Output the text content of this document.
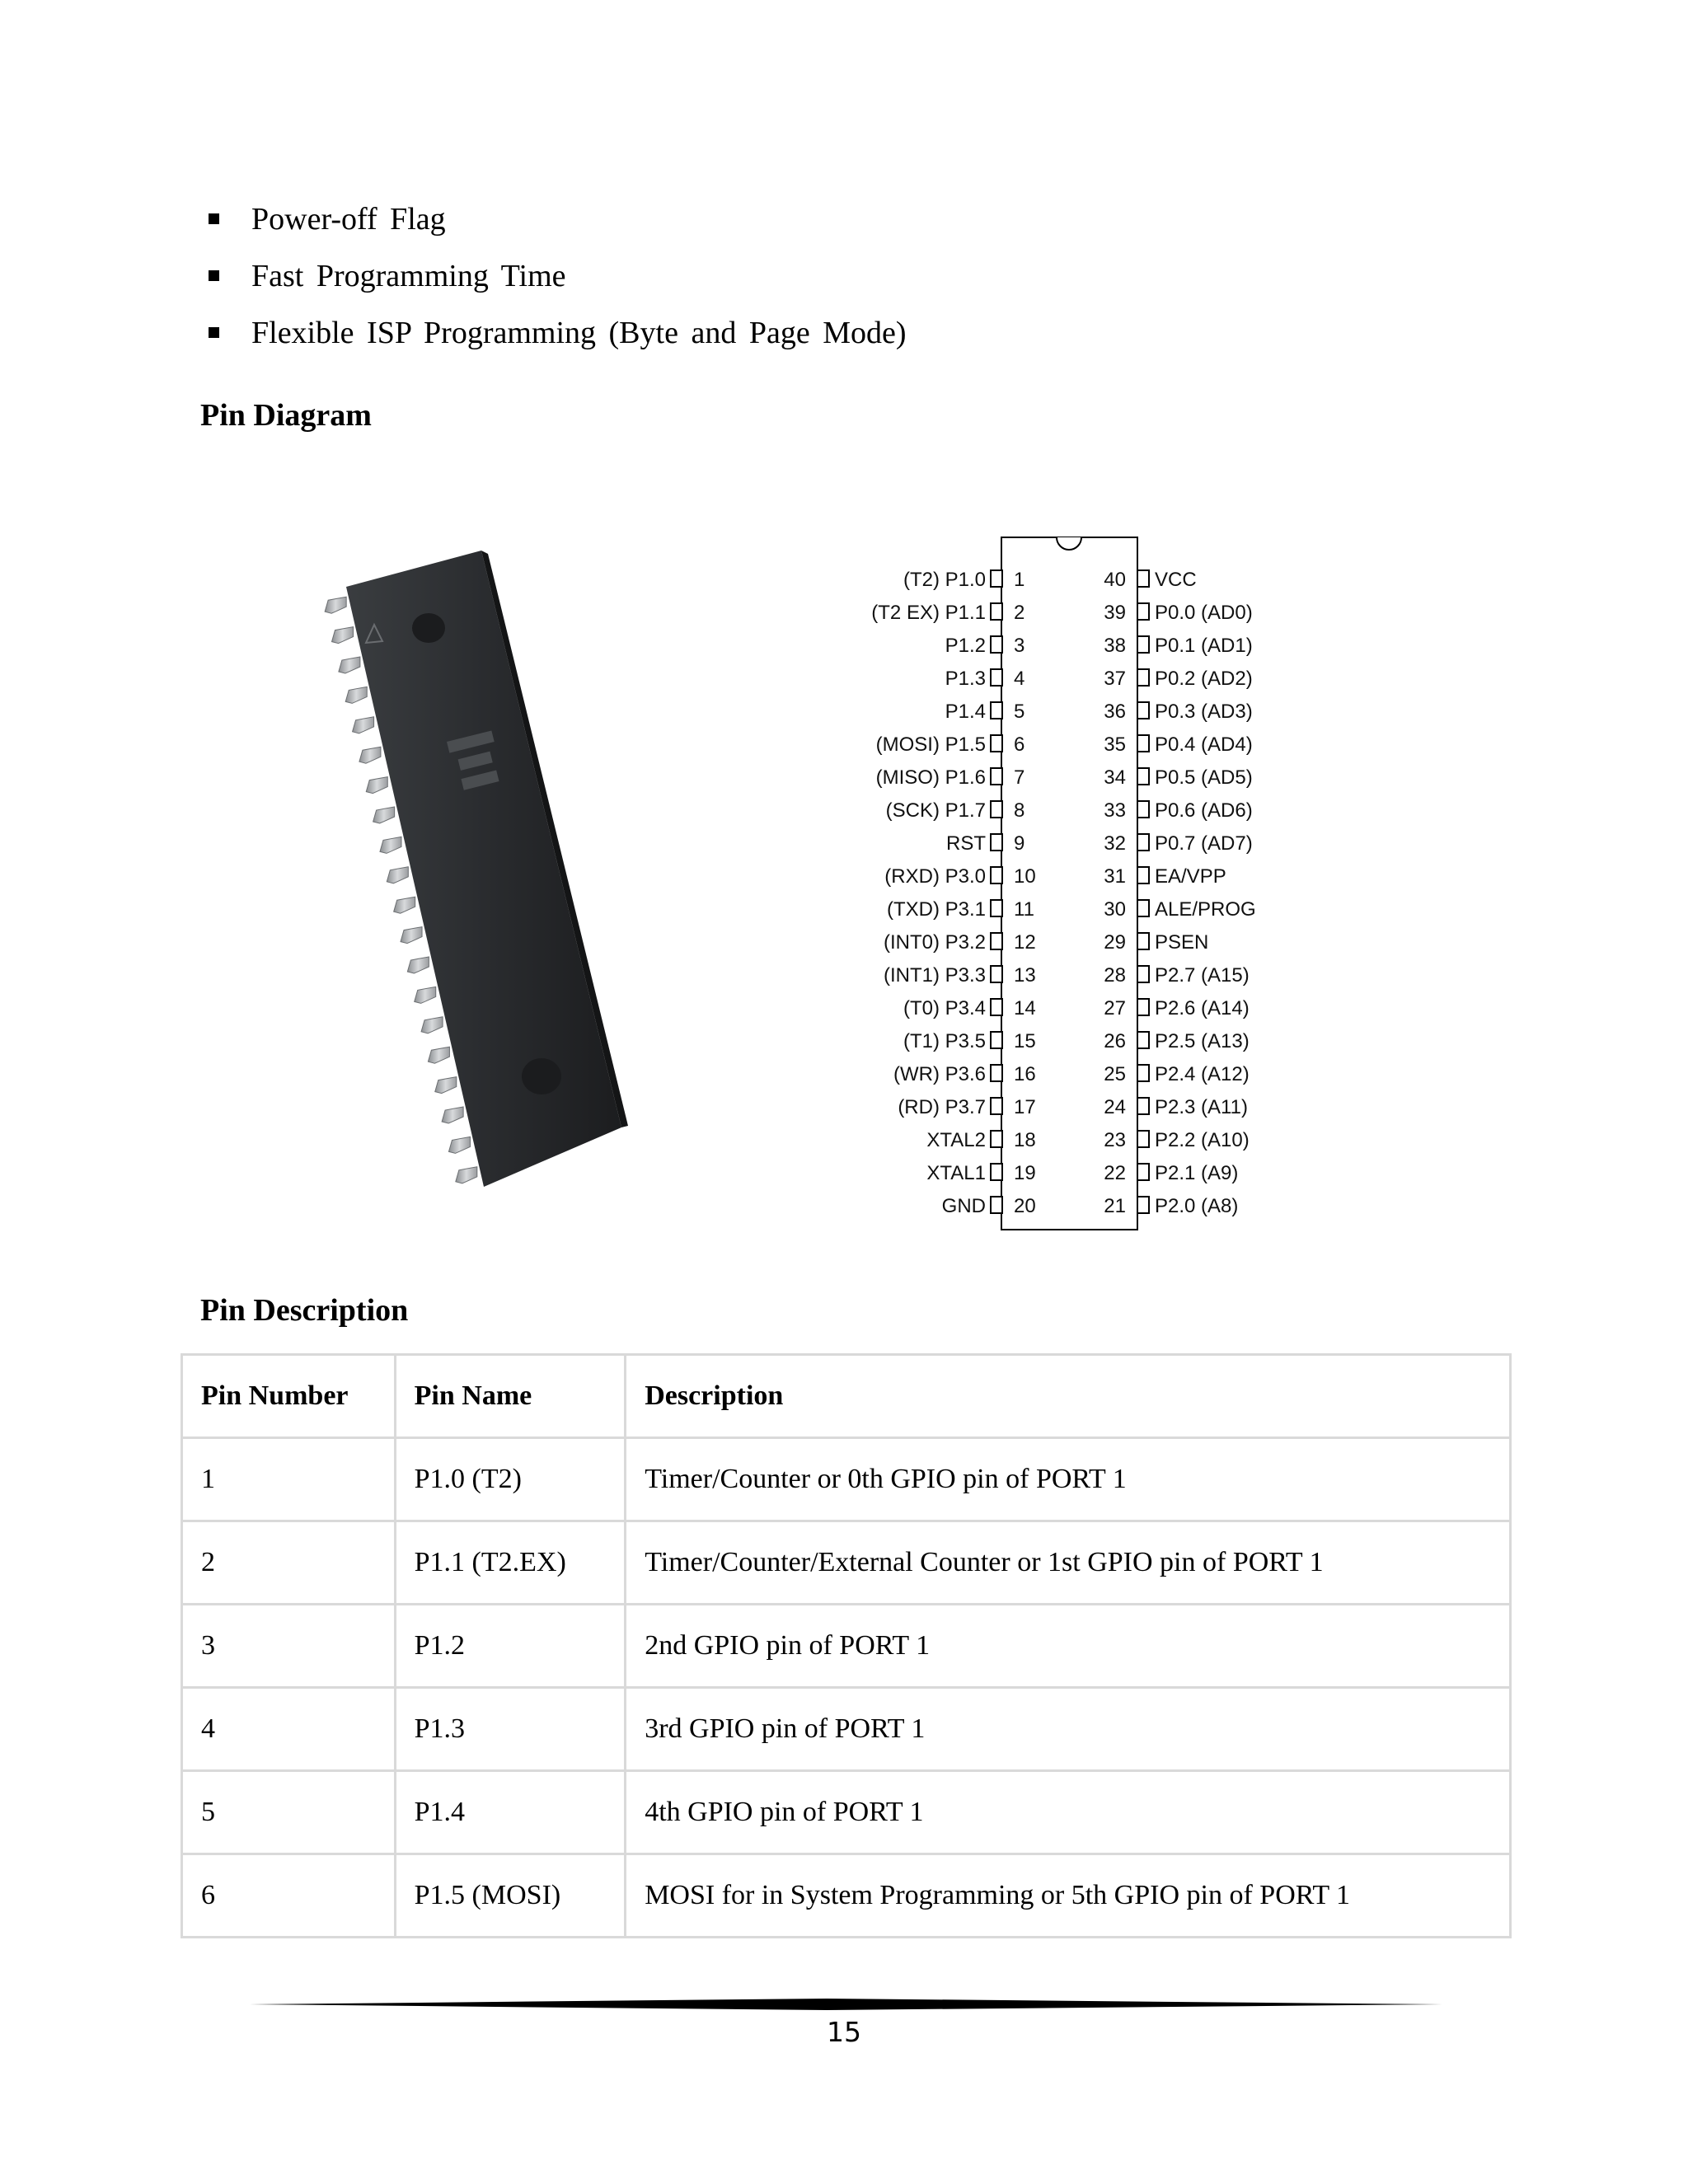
Power-off Flag
Fast Programming Time
Flexible ISP Programming (Byte and Page Mode)
Pin Diagram
1
(T2) P1.0
2
(T2 EX) P1.1
3
P1.2
4
P1.3
5
P1.4
6
(MOSI) P1.5
7
(MISO) P1.6
8
(SCK) P1.7
9
RST
10
(RXD) P3.0
11
(TXD) P3.1
12
(INT0) P3.2
13
(INT1) P3.3
14
(T0) P3.4
15
(T1) P3.5
16
(WR) P3.6
17
(RD) P3.7
18
XTAL2
19
XTAL1
20
GND
40 VCC
39 P0.0 (AD0)
38 P0.1 (AD1)
37 P0.2 (AD2)
36 P0.3 (AD3)
35 P0.4 (AD4)
34 P0.5 (AD5)
33 P0.6 (AD6)
32 P0.7 (AD7)
31 EA/VPP
30 ALE/PROG
29 PSEN
28 P2.7 (A15)
27 P2.6 (A14)
26 P2.5 (A13)
25 P2.4 (A12)
24 P2.3 (A11)
23 P2.2 (A10)
22 P2.1 (A9)
21 P2.0 (A8)
Pin Description
Pin Number	Pin Name	Description
1	P1.0 (T2)	Timer/Counter or 0th GPIO pin of PORT 1
2	P1.1 (T2.EX)	Timer/Counter/External Counter or 1st GPIO pin of PORT 1
3	P1.2	2nd GPIO pin of PORT 1
4	P1.3	3rd GPIO pin of PORT 1
5	P1.4	4th GPIO pin of PORT 1
6	P1.5 (MOSI)	MOSI for in System Programming or 5th GPIO pin of PORT 1
15
